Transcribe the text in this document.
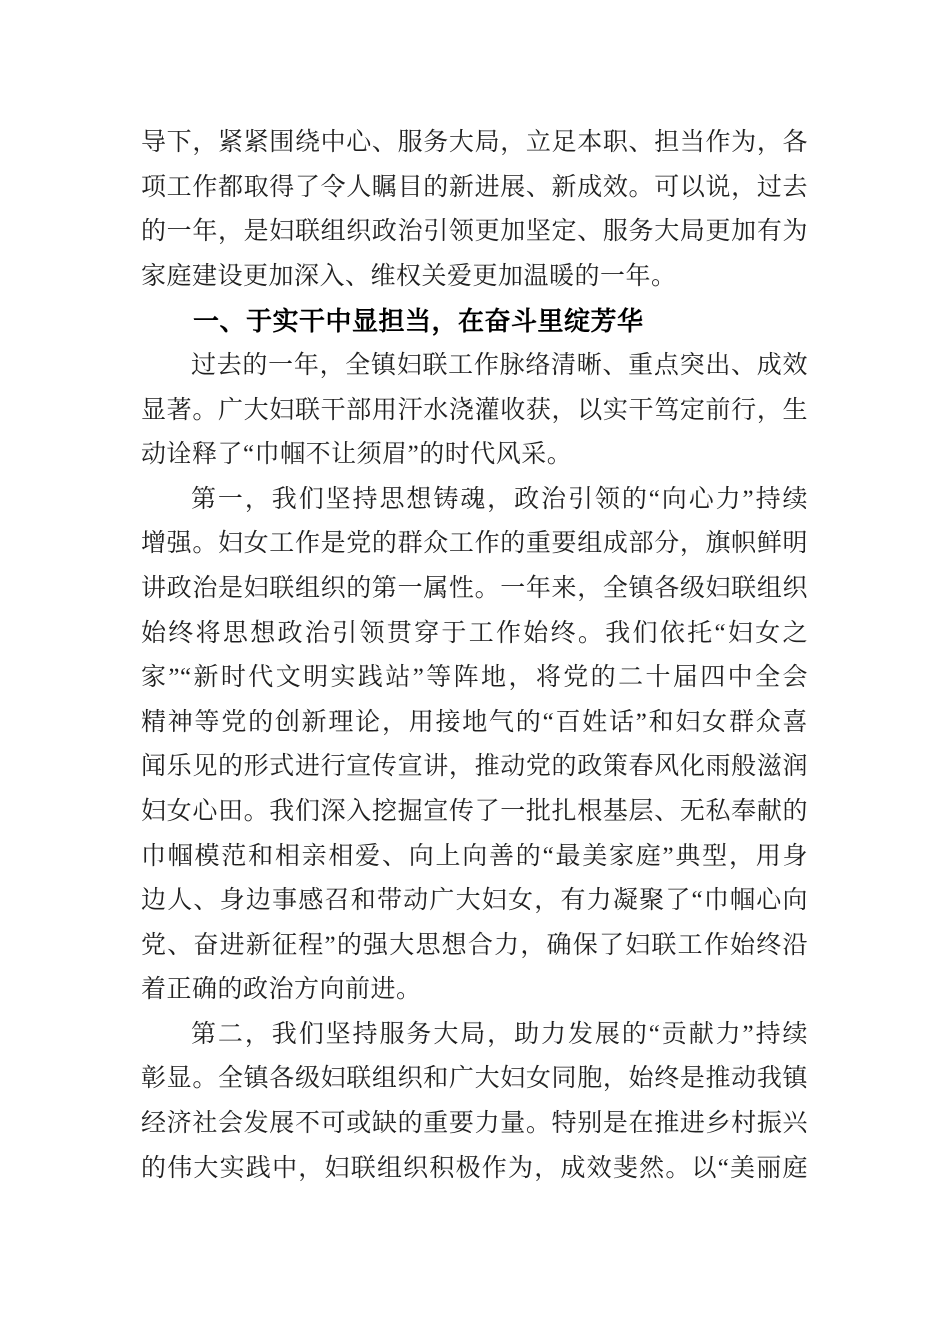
导下，紧紧围绕中心、服务大局，立足本职、担当作为，各
项工作都取得了令人瞩目的新进展、新成效。可以说，过去
的一年，是妇联组织政治引领更加坚定、服务大局更加有为
家庭建设更加深入、维权关爱更加温暖的一年。
一、于实干中显担当，在奋斗里绽芳华
过去的一年，全镇妇联工作脉络清晰、重点突出、成效
显著。广大妇联干部用汗水浇灌收获，以实干笃定前行，生
动诠释了“巾帼不让须眉”的时代风采。
第一，我们坚持思想铸魂，政治引领的“向心力”持续
增强。妇女工作是党的群众工作的重要组成部分，旗帜鲜明
讲政治是妇联组织的第一属性。一年来，全镇各级妇联组织
始终将思想政治引领贯穿于工作始终。我们依托“妇女之
家”“新时代文明实践站”等阵地，将党的二十届四中全会
精神等党的创新理论，用接地气的“百姓话”和妇女群众喜
闻乐见的形式进行宣传宣讲，推动党的政策春风化雨般滋润
妇女心田。我们深入挖掘宣传了一批扎根基层、无私奉献的
巾帼模范和相亲相爱、向上向善的“最美家庭”典型，用身
边人、身边事感召和带动广大妇女，有力凝聚了“巾帼心向
党、奋进新征程”的强大思想合力，确保了妇联工作始终沿
着正确的政治方向前进。
第二，我们坚持服务大局，助力发展的“贡献力”持续
彰显。全镇各级妇联组织和广大妇女同胞，始终是推动我镇
经济社会发展不可或缺的重要力量。特别是在推进乡村振兴
的伟大实践中，妇联组织积极作为，成效斐然。以“美丽庭
